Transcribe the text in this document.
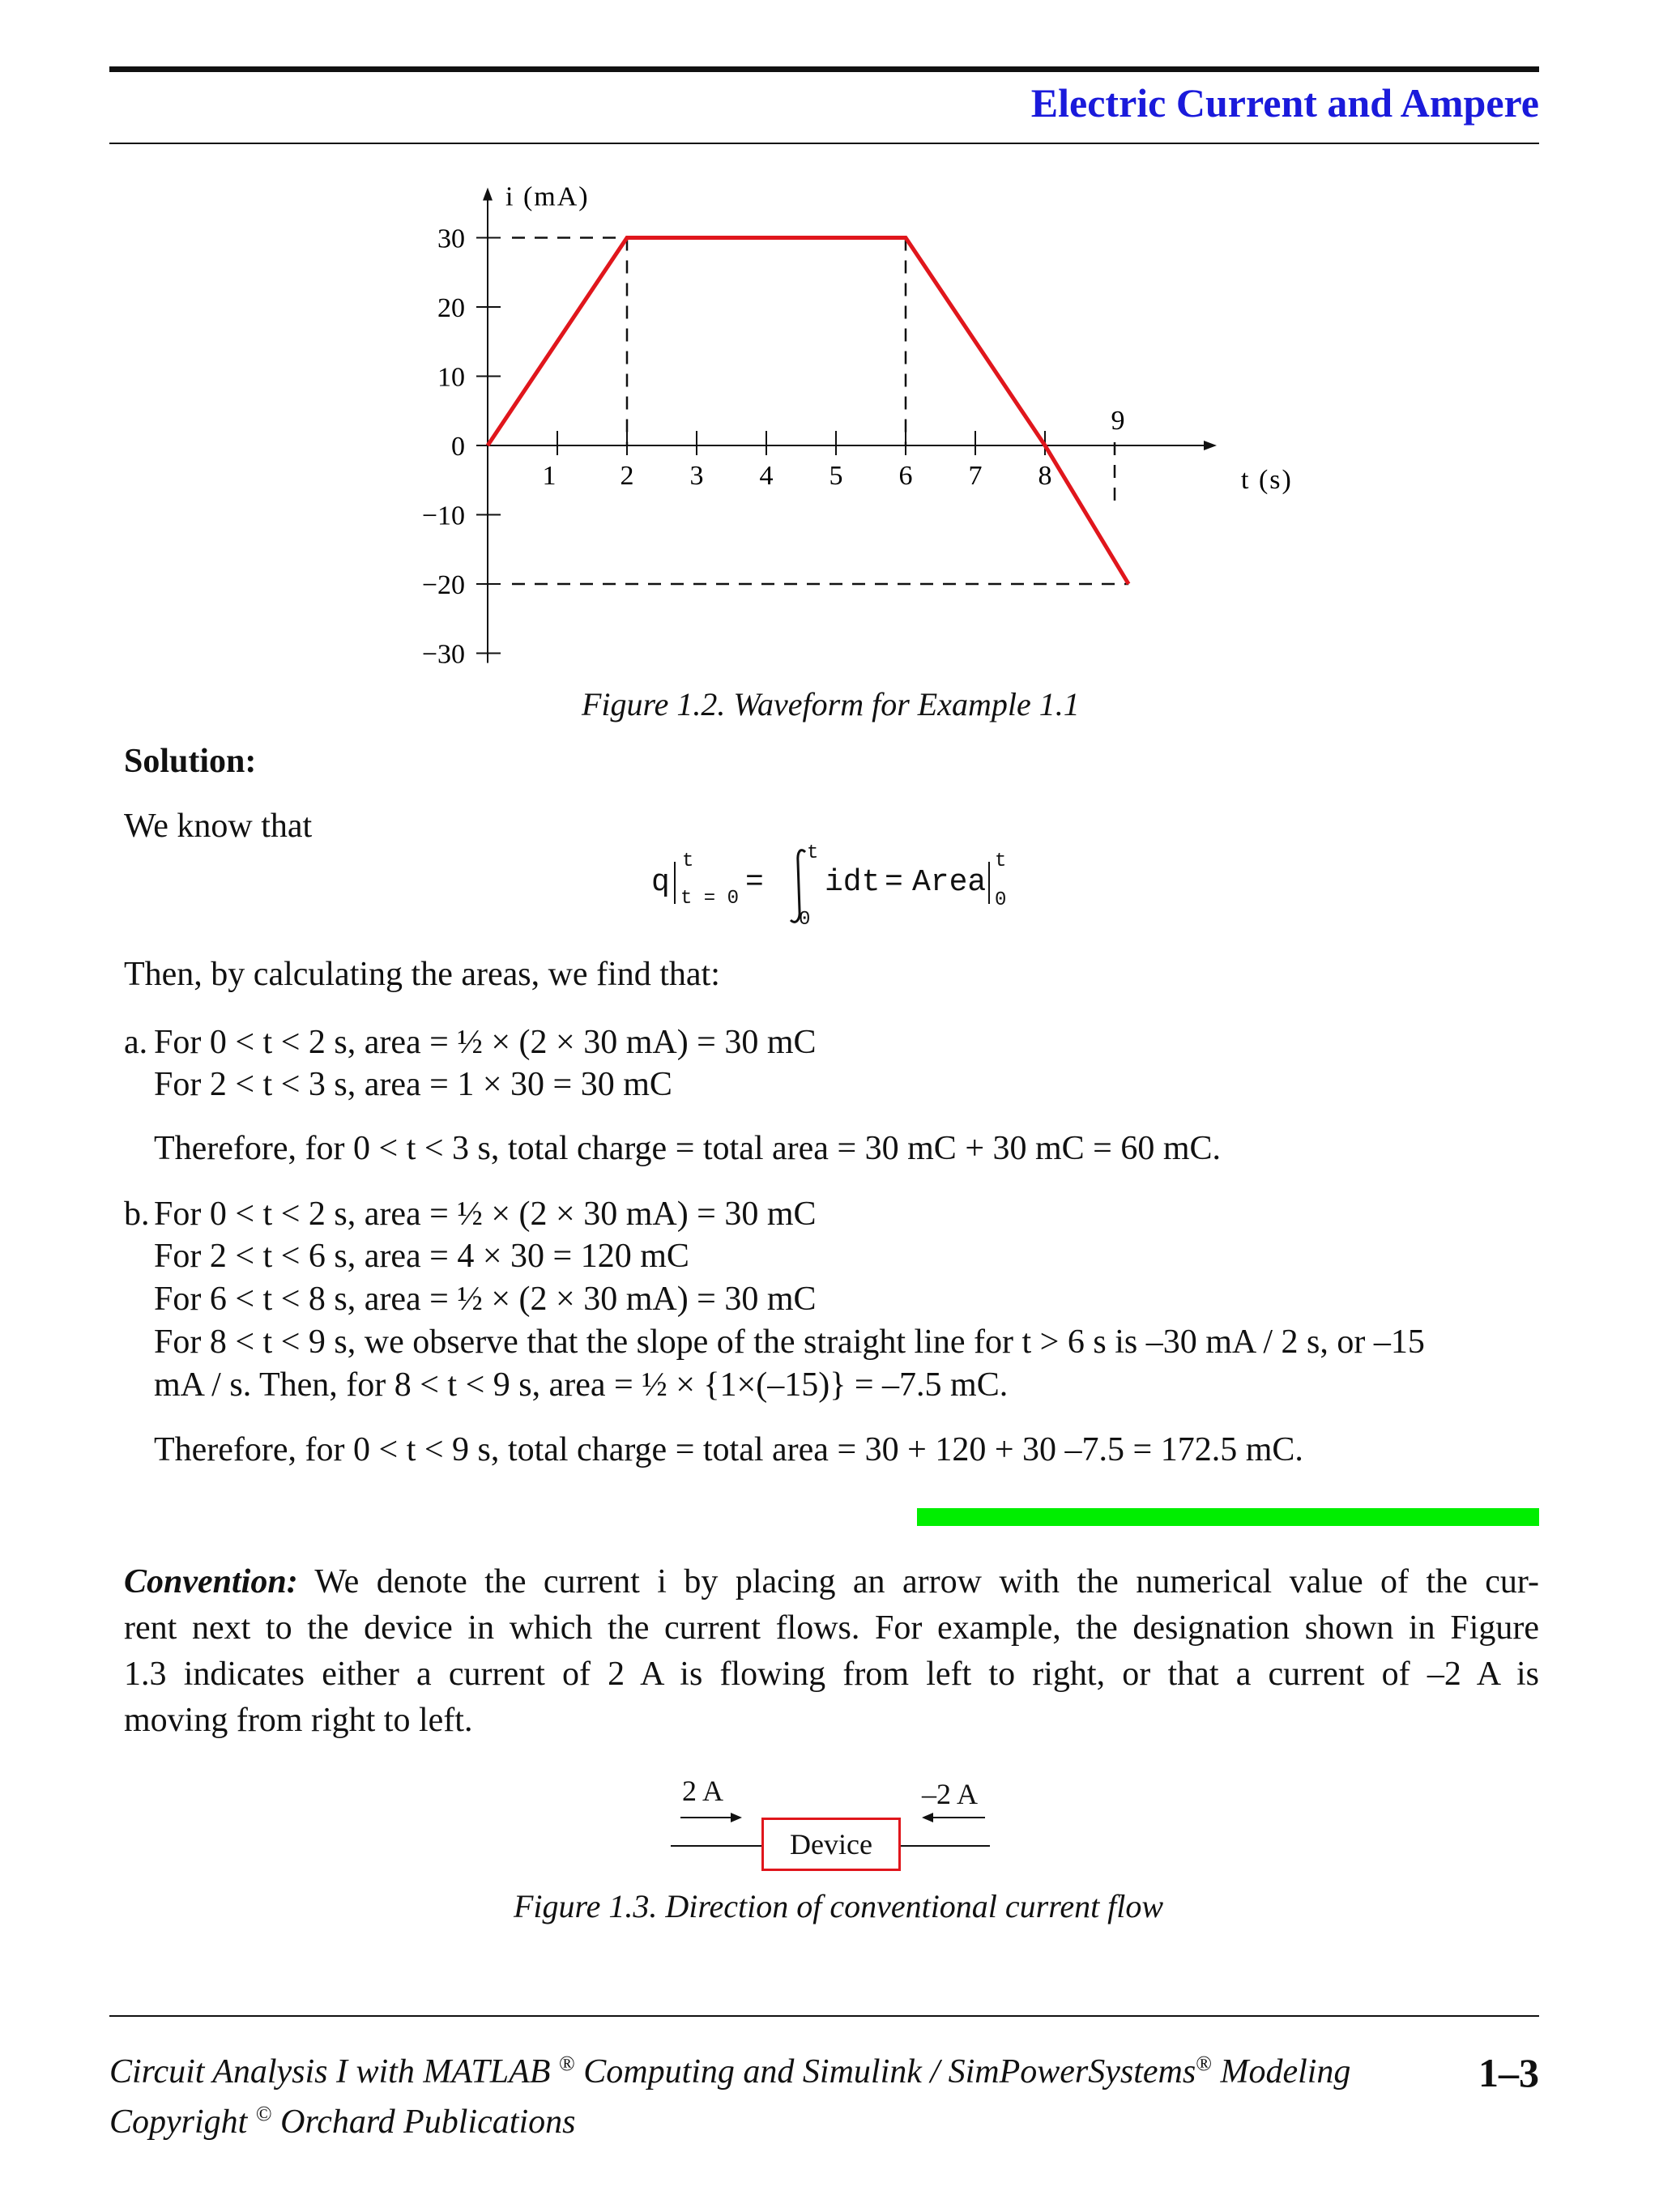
Electric Current and Ampere
i (mA)
t (s)
30
20
10
0
−10
−20
−30
1 2 3 4 5 6 7 8
9
Figure 1.2. Waveform for Example 1.1
Solution:
We know that
q
t
t = 0 =
t
0
idt = Area
t
0
Then, by calculating the areas, we find that:
a. For 0 < t < 2 s, area = ½ × (2 × 30 mA) = 30 mC
For 2 < t < 3 s, area = 1 × 30 = 30 mC
Therefore, for 0 < t < 3 s, total charge = total area = 30 mC + 30 mC = 60 mC.
b. For 0 < t < 2 s, area = ½ × (2 × 30 mA) = 30 mC
For 2 < t < 6 s, area = 4 × 30 = 120 mC
For 6 < t < 8 s, area = ½ × (2 × 30 mA) = 30 mC
For 8 < t < 9 s, we observe that the slope of the straight line for t > 6 s is –30 mA / 2 s, or –15
mA / s. Then, for 8 < t < 9 s, area = ½ × {1×(–15)} = –7.5 mC.
Therefore, for 0 < t < 9 s, total charge = total area = 30 + 120 + 30 –7.5 = 172.5 mC.
Convention: We denote the current i by placing an arrow with the numerical value of the cur-
rent next to the device in which the current flows. For example, the designation shown in Figure
1.3 indicates either a current of 2 A is flowing from left to right, or that a current of –2 A is
moving from right to left.
2 A	–2 A
Device
Figure 1.3. Direction of conventional current flow
Circuit Analysis I with MATLAB ® Computing and Simulink / SimPowerSystems® Modeling
Copyright © Orchard Publications
1–3
